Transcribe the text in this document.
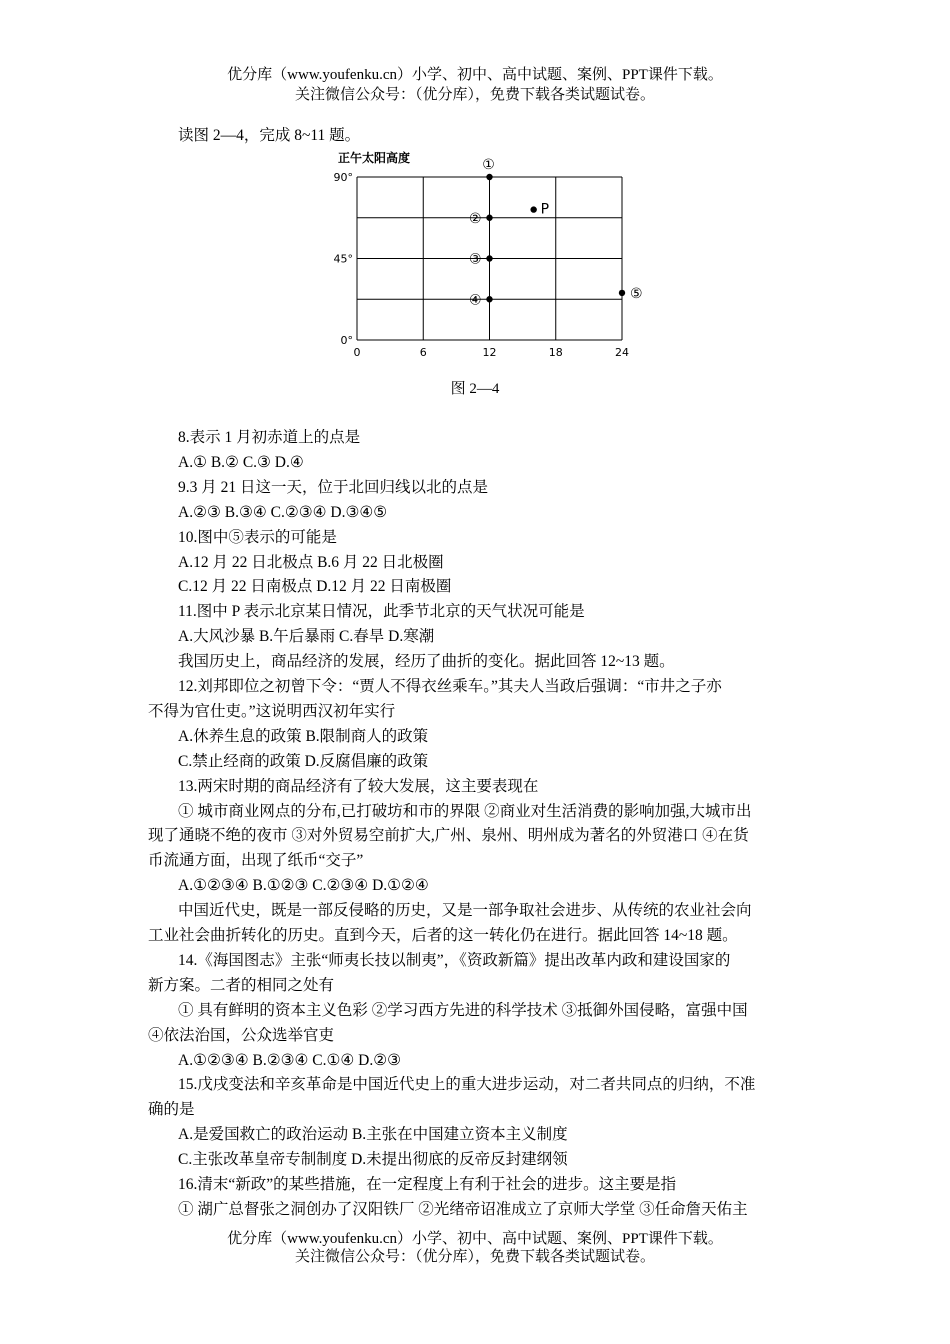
优分库（www.youfenku.cn）小学、初中、高中试题、案例、PPT课件下载。
关注微信公众号：（优分库），免费下载各类试题试卷。
读图 2—4，完成 8~11 题。
正午太阳高度
0	6	12	18	24
0°
45°
90°
①
②
③
④
P
⑤
图 2—4
8.表示 1 月初赤道上的点是
A.① B.② C.③ D.④
9.3 月 21 日这一天，位于北回归线以北的点是
A.②③ B.③④ C.②③④ D.③④⑤
10.图中⑤表示的可能是
A.12 月 22 日北极点 B.6 月 22 日北极圈
C.12 月 22 日南极点 D.12 月 22 日南极圈
11.图中 P 表示北京某日情况，此季节北京的天气状况可能是
A.大风沙暴 B.午后暴雨 C.春旱 D.寒潮
我国历史上，商品经济的发展，经历了曲折的变化。据此回答 12~13 题。
12.刘邦即位之初曾下令：“贾人不得衣丝乘车。”其夫人当政后强调：“市井之子亦
不得为官仕吏。”这说明西汉初年实行
A.休养生息的政策 B.限制商人的政策
C.禁止经商的政策 D.反腐倡廉的政策
13.两宋时期的商品经济有了较大发展，这主要表现在
① 城市商业网点的分布,已打破坊和市的界限 ②商业对生活消费的影响加强,大城市出
现了通晓不绝的夜市 ③对外贸易空前扩大,广州、泉州、明州成为著名的外贸港口 ④在货
币流通方面，出现了纸币“交子”
A.①②③④ B.①②③ C.②③④ D.①②④
中国近代史，既是一部反侵略的历史，又是一部争取社会进步、从传统的农业社会向
工业社会曲折转化的历史。直到今天，后者的这一转化仍在进行。据此回答 14~18 题。
14.《海国图志》主张“师夷长技以制夷”，《资政新篇》提出改革内政和建设国家的
新方案。二者的相同之处有
① 具有鲜明的资本主义色彩 ②学习西方先进的科学技术 ③抵御外国侵略，富强中国
④依法治国，公众选举官吏
A.①②③④ B.②③④ C.①④ D.②③
15.戊戌变法和辛亥革命是中国近代史上的重大进步运动，对二者共同点的归纳，不准
确的是
A.是爱国救亡的政治运动 B.主张在中国建立资本主义制度
C.主张改革皇帝专制制度 D.未提出彻底的反帝反封建纲领
16.清末“新政”的某些措施，在一定程度上有利于社会的进步。这主要是指
① 湖广总督张之洞创办了汉阳铁厂 ②光绪帝诏准成立了京师大学堂 ③任命詹天佑主
优分库（www.youfenku.cn）小学、初中、高中试题、案例、PPT课件下载。
关注微信公众号：（优分库），免费下载各类试题试卷。
